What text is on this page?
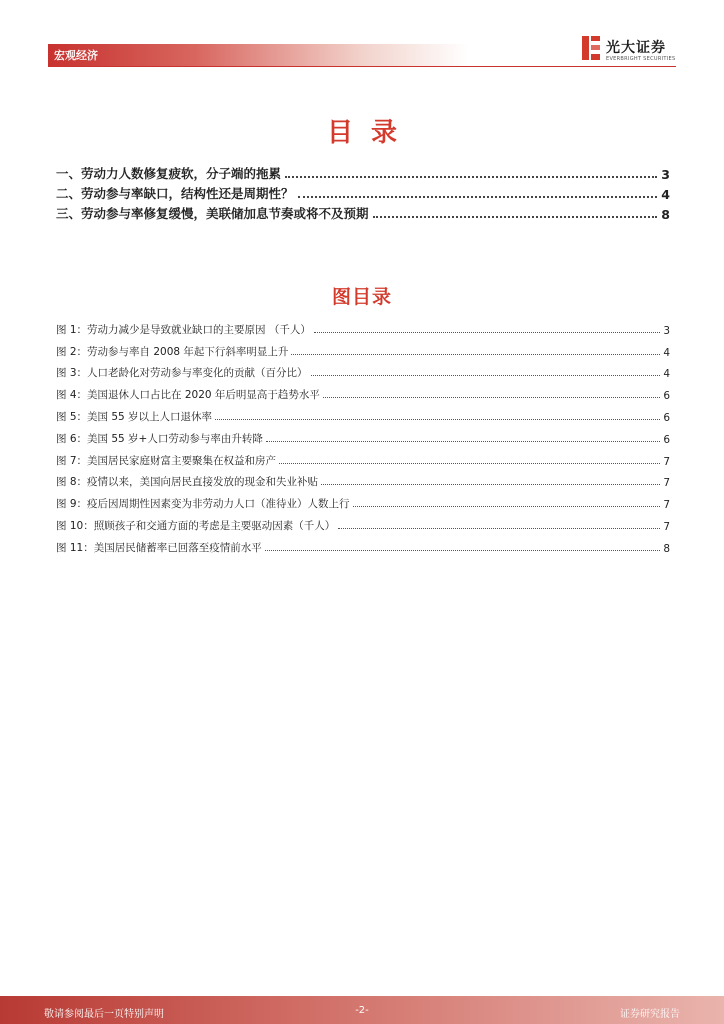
宏观经济	光大证券
EVERBRIGHT SECURITIES
目录
一、劳动力人数修复疲软，分子端的拖累	3
二、劳动参与率缺口，结构性还是周期性？	4
三、劳动参与率修复缓慢，美联储加息节奏或将不及预期	8
图目录
图 1：劳动力减少是导致就业缺口的主要原因 （千人）	3
图 2：劳动参与率自 2008 年起下行斜率明显上升	4
图 3：人口老龄化对劳动参与率变化的贡献（百分比）	4
图 4：美国退休人口占比在 2020 年后明显高于趋势水平	6
图 5：美国 55 岁以上人口退休率	6
图 6：美国 55 岁+人口劳动参与率由升转降	6
图 7：美国居民家庭财富主要聚集在权益和房产	7
图 8：疫情以来，美国向居民直接发放的现金和失业补贴	7
图 9：疫后因周期性因素变为非劳动力人口（准待业）人数上行	7
图 10：照顾孩子和交通方面的考虑是主要驱动因素（千人）	7
图 11：美国居民储蓄率已回落至疫情前水平	8
敬请参阅最后一页特别声明	-2-	证券研究报告
